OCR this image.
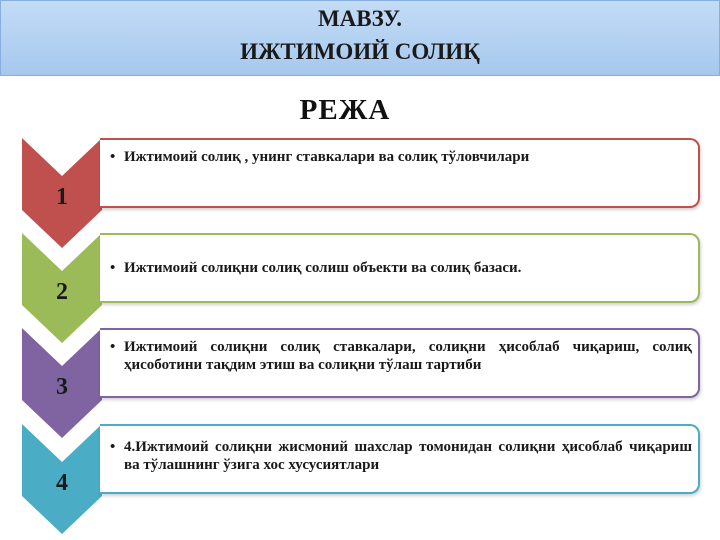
МАВЗУ.
ИЖТИМОИЙ СОЛИҚ
РЕЖА
1
• Ижтимоий солиқ , унинг ставкалари ва солиқ тўловчилари
2
• Ижтимоий солиқни солиқ солиш объекти ва солиқ базаси.
3
• Ижтимоий солиқни солиқ ставкалари, солиқни ҳисоблаб чиқариш, солиқ ҳисоботини тақдим этиш ва солиқни тўлаш тартиби
4
• 4.Ижтимоий солиқни жисмоний шахслар томонидан солиқни ҳисоблаб чиқариш ва тўлашнинг ўзига хос хусусиятлари
